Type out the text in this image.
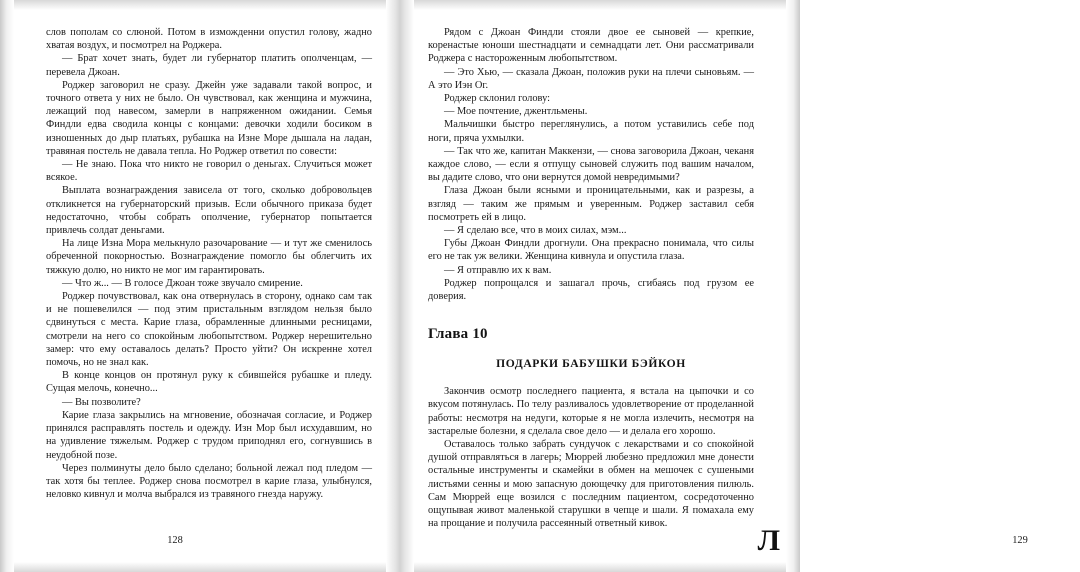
слов пополам со слюной. Потом в изможденни опустил голову, жадно хватая воздух, и посмотрел на Роджера.

— Брат хочет знать, будет ли губернатор платить ополченцам, — перевела Джоан.

Роджер заговорил не сразу. Джейн уже задавали такой вопрос, и точного ответа у них не было. Он чувствовал, как женщина и мужчина, лежащий под навесом, замерли в напряженном ожидании. Семья Финдли едва сводила концы с концами: девочки ходили босиком в изношенных до дыр платьях, рубашка на Изне Море дышала на ладан, травяная постель не давала тепла. Но Роджер ответил по совести:

— Не знаю. Пока что никто не говорил о деньгах. Случиться может всякое.

Выплата вознаграждения зависела от того, сколько добровольцев откликнется на губернаторский призыв. Если обычного приказа будет недостаточно, чтобы собрать ополчение, губернатор попытается привлечь солдат деньгами.

На лице Изна Мора мелькнуло разочарование — и тут же сменилось обреченной покорностью. Вознаграждение помогло бы облегчить их тяжкую долю, но никто не мог им гарантировать.

— Что ж... — В голосе Джоан тоже звучало смирение.

Роджер почувствовал, как она отвернулась в сторону, однако сам так и не пошевелился — под этим пристальным взглядом нельзя было сдвинуться с места. Карие глаза, обрамленные длинными ресницами, смотрели на него со спокойным любопытством. Роджер нерешительно замер: что ему оставалось делать? Просто уйти? Он искренне хотел помочь, но не знал как.

В конце концов он протянул руку к сбившейся рубашке и пледу. Сущая мелочь, конечно...

— Вы позволите?

Карие глаза закрылись на мгновение, обозначая согласие, и Роджер принялся расправлять постель и одежду. Изн Мор был исхудавшим, но на удивление тяжелым. Роджер с трудом приподнял его, согнувшись в неудобной позе.

Через полминуты дело было сделано; больной лежал под пледом — так хотя бы теплее. Роджер снова посмотрел в карие глаза, улыбнулся, неловко кивнул и молча выбрался из травяного гнезда наружу.

128

Рядом с Джоан Финдли стояли двое ее сыновей — крепкие, коренастые юноши шестнадцати и семнадцати лет. Они рассматривали Роджера с настороженным любопытством.

— Это Хью, — сказала Джоан, положив руки на плечи сыновьям. — А это Иэн Ог.

Роджер склонил голову:

— Мое почтение, джентльмены.

Мальчишки быстро переглянулись, а потом уставились себе под ноги, пряча ухмылки.

— Так что же, капитан Маккензи, — снова заговорила Джоан, чеканя каждое слово, — если я отпущу сыновей служить под вашим началом, вы дадите слово, что они вернутся домой невредимыми?

Глаза Джоан были ясными и проницательными, как и разрезы, а взгляд — таким же прямым и уверенным. Роджер заставил себя посмотреть ей в лицо.

— Я сделаю все, что в моих силах, мэм...

Губы Джоан Финдли дрогнули. Она прекрасно понимала, что силы его не так уж велики. Женщина кивнула и опустила глаза.

— Я отправлю их к вам.

Роджер попрощался и зашагал прочь, сгибаясь под грузом ее доверия.

Глава 10
ПОДАРКИ БАБУШКИ БЭЙКОН

Закончив осмотр последнего пациента, я встала на цыпочки и со вкусом потянулась. По телу разливалось удовлетворение от проделанной работы: несмотря на недуги, которые я не могла излечить, несмотря на застарелые болезни, я сделала свое дело — и делала его хорошо.

Оставалось только забрать сундучок с лекарствами и со спокойной душой отправляться в лагерь; Мюррей любезно предложил мне донести остальные инструменты и скамейки в обмен на мешочек с сушеными листьями сенны и мою запасную доющечку для приготовления пилюль. Сам Мюррей еще возился с последним пациентом, сосредоточенно ощупывая живот маленькой старушки в чепце и шали. Я помахала ему на прощание и получила рассеянный ответный кивок.

129
Л
